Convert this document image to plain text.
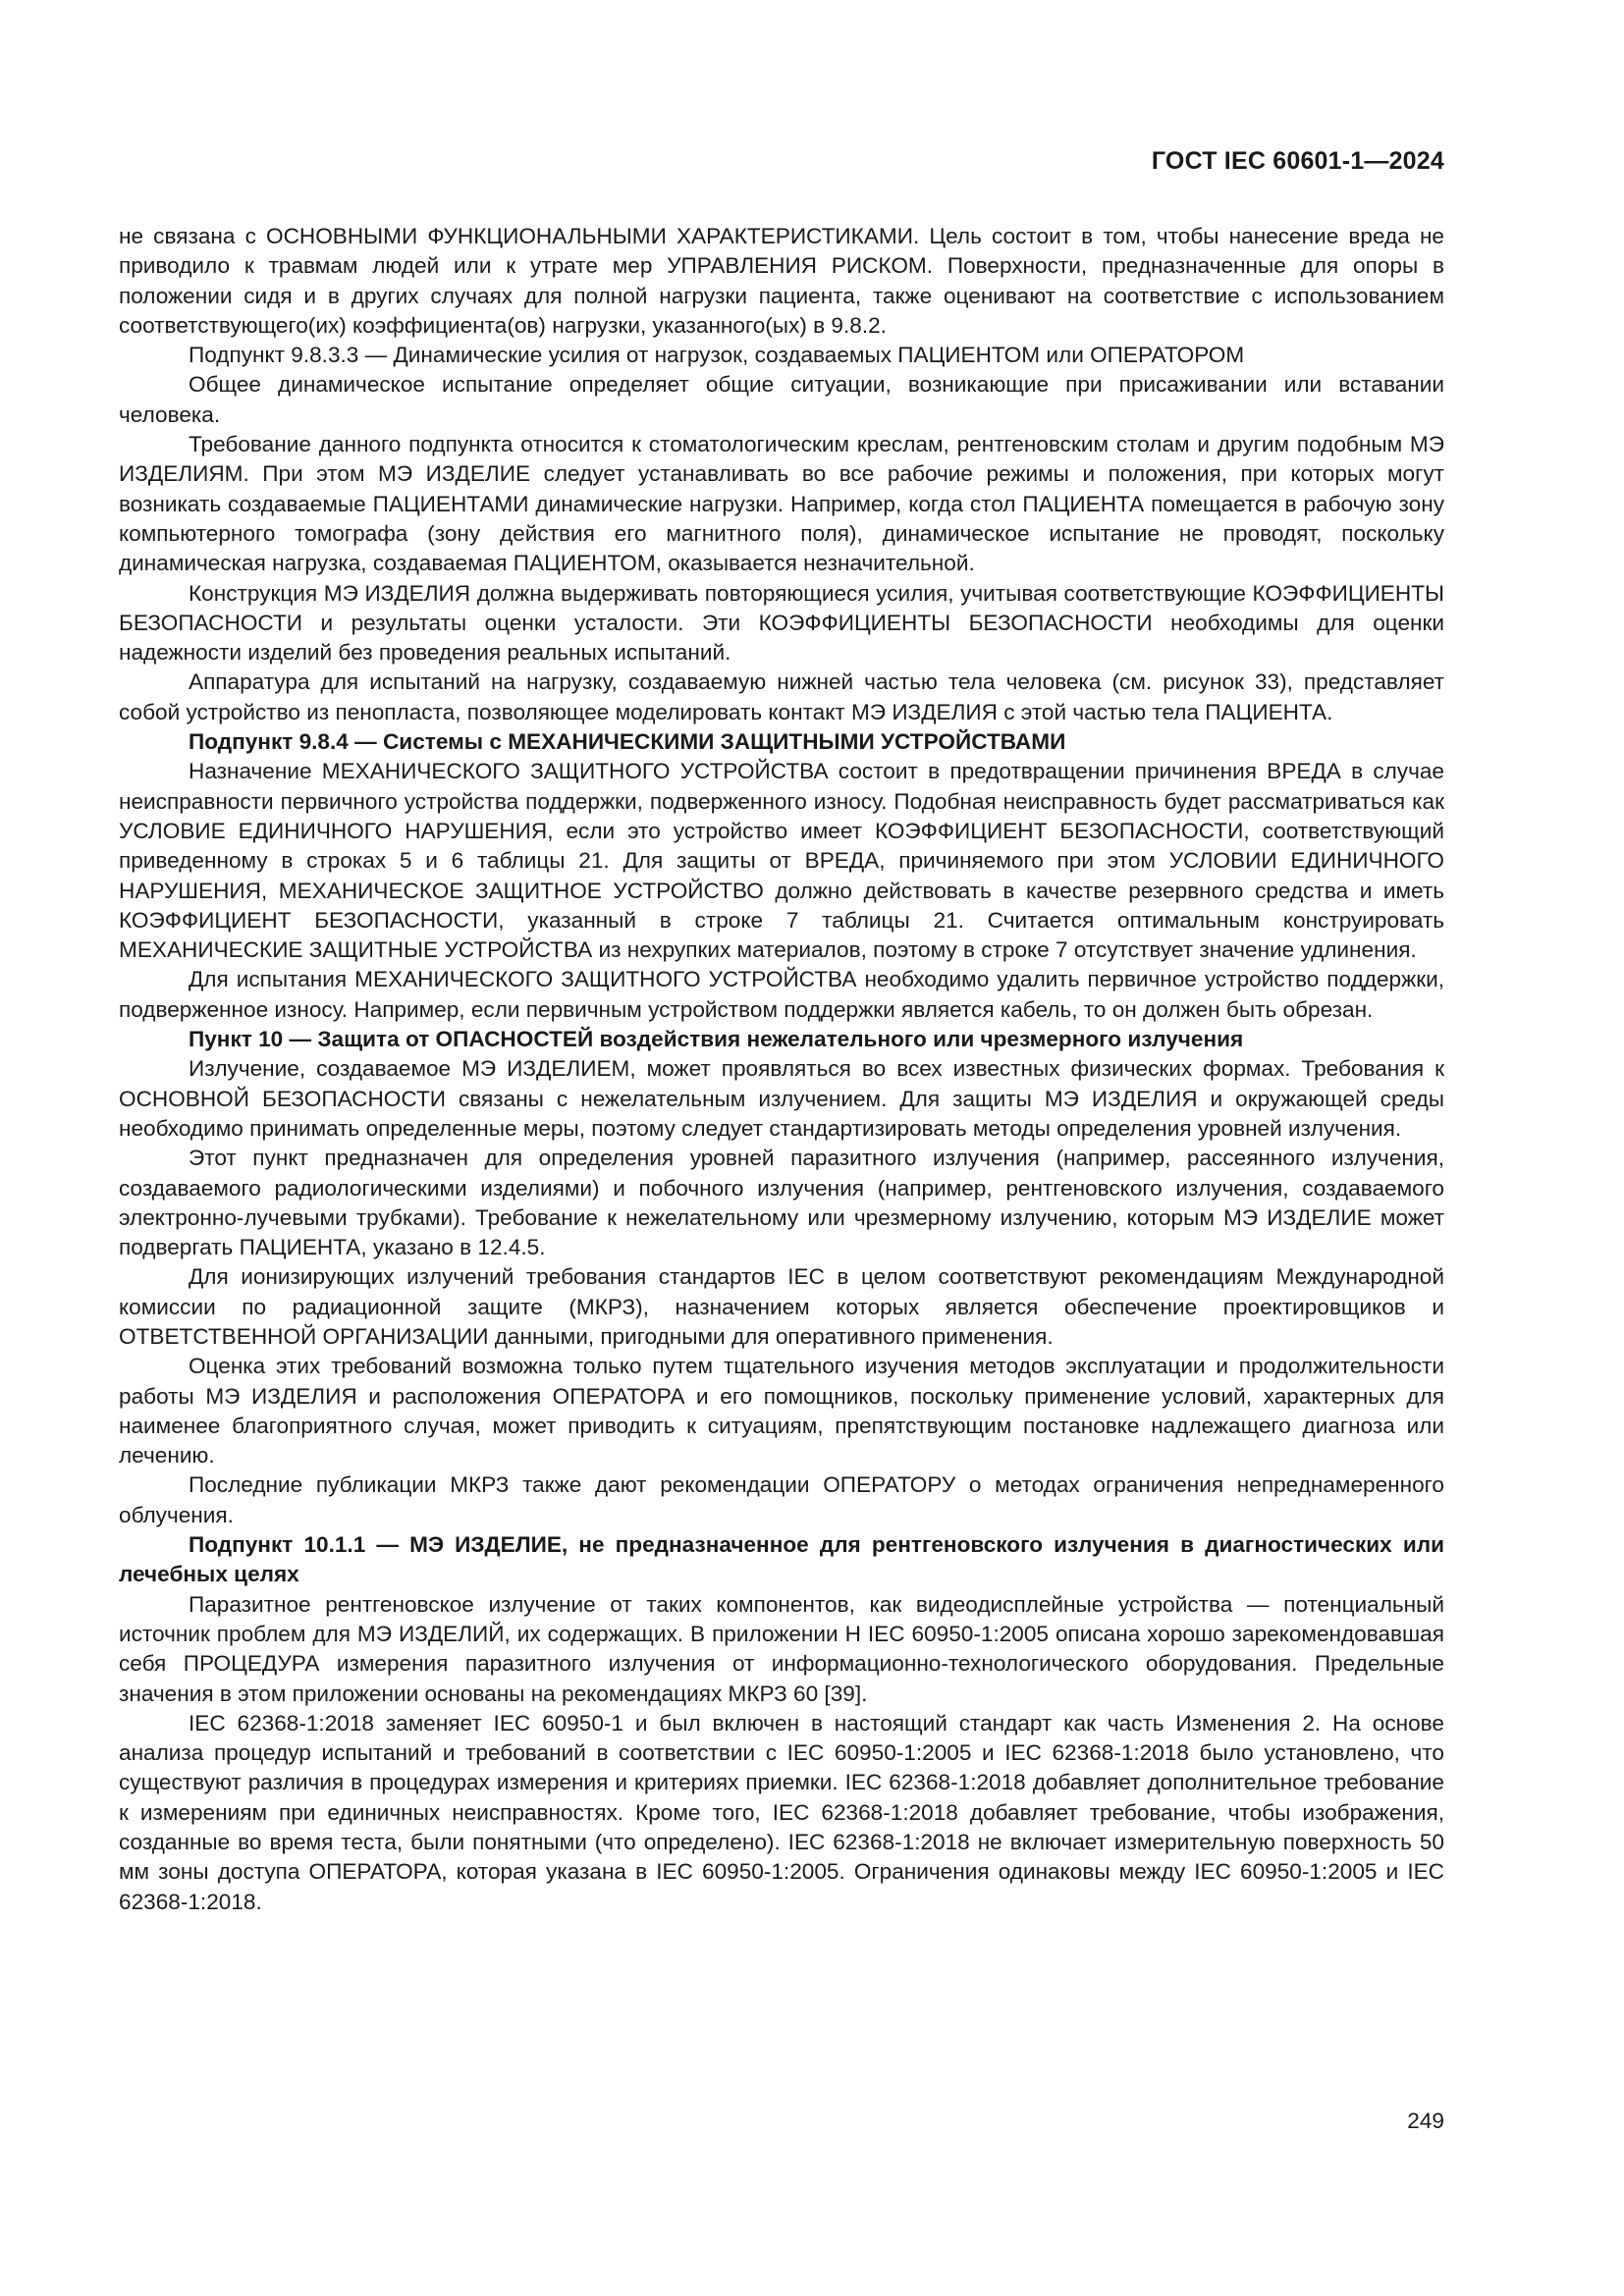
ГОСТ IEC 60601-1—2024

не связана с ОСНОВНЫМИ ФУНКЦИОНАЛЬНЫМИ ХАРАКТЕРИСТИКАМИ. Цель состоит в том, чтобы нанесение вреда не приводило к травмам людей или к утрате мер УПРАВЛЕНИЯ РИСКОМ. Поверхности, предназначенные для опоры в положении сидя и в других случаях для полной нагрузки пациента, также оценивают на соответствие с использованием соответствующего(их) коэффициента(ов) нагрузки, указанного(ых) в 9.8.2.

Подпункт 9.8.3.3 — Динамические усилия от нагрузок, создаваемых ПАЦИЕНТОМ или ОПЕРАТОРОМ

Общее динамическое испытание определяет общие ситуации, возникающие при присаживании или вставании человека.

Требование данного подпункта относится к стоматологическим креслам, рентгеновским столам и другим подобным МЭ ИЗДЕЛИЯМ. При этом МЭ ИЗДЕЛИЕ следует устанавливать во все рабочие режимы и положения, при которых могут возникать создаваемые ПАЦИЕНТАМИ динамические нагрузки. Например, когда стол ПАЦИЕНТА помещается в рабочую зону компьютерного томографа (зону действия его магнитного поля), динамическое испытание не проводят, поскольку динамическая нагрузка, создаваемая ПАЦИЕНТОМ, оказывается незначительной.

Конструкция МЭ ИЗДЕЛИЯ должна выдерживать повторяющиеся усилия, учитывая соответствующие КОЭФФИЦИЕНТЫ БЕЗОПАСНОСТИ и результаты оценки усталости. Эти КОЭФФИЦИЕНТЫ БЕЗОПАСНОСТИ необходимы для оценки надежности изделий без проведения реальных испытаний.

Аппаратура для испытаний на нагрузку, создаваемую нижней частью тела человека (см. рисунок 33), представляет собой устройство из пенопласта, позволяющее моделировать контакт МЭ ИЗДЕЛИЯ с этой частью тела ПАЦИЕНТА.

Подпункт 9.8.4 — Системы с МЕХАНИЧЕСКИМИ ЗАЩИТНЫМИ УСТРОЙСТВАМИ

Назначение МЕХАНИЧЕСКОГО ЗАЩИТНОГО УСТРОЙСТВА состоит в предотвращении причинения ВРЕДА в случае неисправности первичного устройства поддержки, подверженного износу. Подобная неисправность будет рассматриваться как УСЛОВИЕ ЕДИНИЧНОГО НАРУШЕНИЯ, если это устройство имеет КОЭФФИЦИЕНТ БЕЗОПАСНОСТИ, соответствующий приведенному в строках 5 и 6 таблицы 21. Для защиты от ВРЕДА, причиняемого при этом УСЛОВИИ ЕДИНИЧНОГО НАРУШЕНИЯ, МЕХАНИЧЕСКОЕ ЗАЩИТНОЕ УСТРОЙСТВО должно действовать в качестве резервного средства и иметь КОЭФФИЦИЕНТ БЕЗОПАСНОСТИ, указанный в строке 7 таблицы 21. Считается оптимальным конструировать МЕХАНИЧЕСКИЕ ЗАЩИТНЫЕ УСТРОЙСТВА из нехрупких материалов, поэтому в строке 7 отсутствует значение удлинения.

Для испытания МЕХАНИЧЕСКОГО ЗАЩИТНОГО УСТРОЙСТВА необходимо удалить первичное устройство поддержки, подверженное износу. Например, если первичным устройством поддержки является кабель, то он должен быть обрезан.

Пункт 10 — Защита от ОПАСНОСТЕЙ воздействия нежелательного или чрезмерного излучения

Излучение, создаваемое МЭ ИЗДЕЛИЕМ, может проявляться во всех известных физических формах. Требования к ОСНОВНОЙ БЕЗОПАСНОСТИ связаны с нежелательным излучением. Для защиты МЭ ИЗДЕЛИЯ и окружающей среды необходимо принимать определенные меры, поэтому следует стандартизировать методы определения уровней излучения.

Этот пункт предназначен для определения уровней паразитного излучения (например, рассеянного излучения, создаваемого радиологическими изделиями) и побочного излучения (например, рентгеновского излучения, создаваемого электронно-лучевыми трубками). Требование к нежелательному или чрезмерному излучению, которым МЭ ИЗДЕЛИЕ может подвергать ПАЦИЕНТА, указано в 12.4.5.

Для ионизирующих излучений требования стандартов IEC в целом соответствуют рекомендациям Международной комиссии по радиационной защите (МКРЗ), назначением которых является обеспечение проектировщиков и ОТВЕТСТВЕННОЙ ОРГАНИЗАЦИИ данными, пригодными для оперативного применения.

Оценка этих требований возможна только путем тщательного изучения методов эксплуатации и продолжительности работы МЭ ИЗДЕЛИЯ и расположения ОПЕРАТОРА и его помощников, поскольку применение условий, характерных для наименее благоприятного случая, может приводить к ситуациям, препятствующим постановке надлежащего диагноза или лечению.

Последние публикации МКРЗ также дают рекомендации ОПЕРАТОРУ о методах ограничения непреднамеренного облучения.

Подпункт 10.1.1 — МЭ ИЗДЕЛИЕ, не предназначенное для рентгеновского излучения в диагностических или лечебных целях

Паразитное рентгеновское излучение от таких компонентов, как видеодисплейные устройства — потенциальный источник проблем для МЭ ИЗДЕЛИЙ, их содержащих. В приложении H IEC 60950-1:2005 описана хорошо зарекомендовавшая себя ПРОЦЕДУРА измерения паразитного излучения от информационно-технологического оборудования. Предельные значения в этом приложении основаны на рекомендациях МКРЗ 60 [39].

IEC 62368-1:2018 заменяет IEC 60950-1 и был включен в настоящий стандарт как часть Изменения 2. На основе анализа процедур испытаний и требований в соответствии с IEC 60950-1:2005 и IEC 62368-1:2018 было установлено, что существуют различия в процедурах измерения и критериях приемки. IEC 62368-1:2018 добавляет дополнительное требование к измерениям при единичных неисправностях. Кроме того, IEC 62368-1:2018 добавляет требование, чтобы изображения, созданные во время теста, были понятными (что определено). IEC 62368-1:2018 не включает измерительную поверхность 50 мм зоны доступа ОПЕРАТОРА, которая указана в IEC 60950-1:2005. Ограничения одинаковы между IEC 60950-1:2005 и IEC 62368-1:2018.

249
